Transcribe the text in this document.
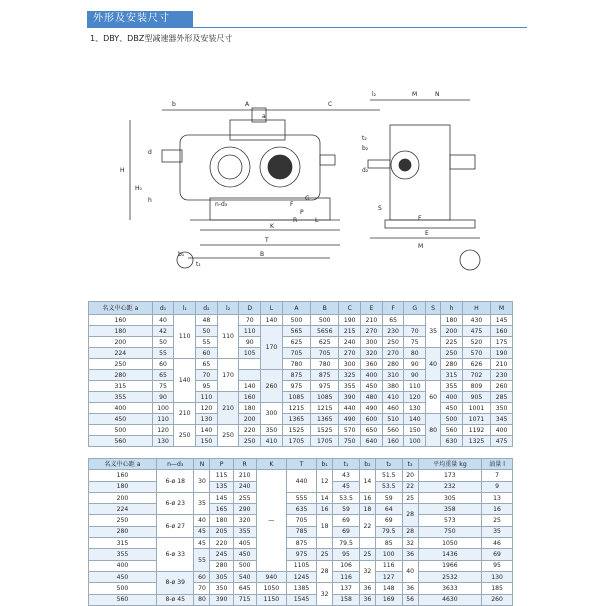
外形及安装尺寸
1、DBY、DBZ型减速器外形及安装尺寸
b	A
a
C
H
H₀
d
b₁
t₁
h
n-d₃
G
F
P
R	L
K
T
B
l₂	M	N
t₂
b₂
d₂
E
S
F
M
名义中心距 a	d₁	l₁	d₂	l₂	D	L	A	B	C	E	F	G	S	h	H	M
160	40	110	48	110	70	140	500	500	190	210	65		35	180	430	145
180	42		50		110	170	565	5656	215	270	230	70		200	475	160
200	50		55		90		625	625	240	300	250	75		225	520	175
224	55		60		105		705	705	270	320	270	80	40	250	570	190
250	60	140	65	170			780	780	300	360	280	90		280	626	210
280	65		70			260	875	875	325	400	310	90		315	702	230
315	75		95		140		975	975	355	450	380	110	60	355	809	260
355	90		110	210	160		1085	1085	390	480	410	120		400	905	285
400	100	210	120		180	300	1215	1215	440	490	460	130		450	1001	350
450	110		130		200		1365	1365	490	600	510	140	80	500	1071	345
500	120	250	140	250	220	350	1525	1525	570	650	560	150		560	1192	400
560	130		150		250	410	1705	1705	750	640	160	100		630	1325	475
名义中心距 a	n—d₃	N	P	R	K	T	b₁	t₁	b₂	t₂	t₃	平均重量 kg	油量 l
160	6-ø 18	30	115	210	—	440	12	43	14	51.5	20	173	7
180			135	240				45		53.5	22	232	9
200	6-ø 23	35	145	255		555	14	53.5	16	59	25	305	13
224			165	290		635	16	59	18	64	28	358	16
250	6-ø 27	40	180	320		705	18	69	22	69		573	25
280		45	205	355		785		69		79.5	28	750	35
315	6-ø 33	45	220	405		875		79.5		85	32	1050	46
355		55	245	450		975	25	95	25	100	36	1436	69
400			280	500		1105	28	106	32	116	40	1966	95
450	8-ø 39	60	305	540	940	1245		116		127		2532	130
500		70	350	645	1050	1385	32	137	36	148	36	3633	185
560	8-ø 45	80	390	715	1150	1545		158	36	169	56	4630	260
